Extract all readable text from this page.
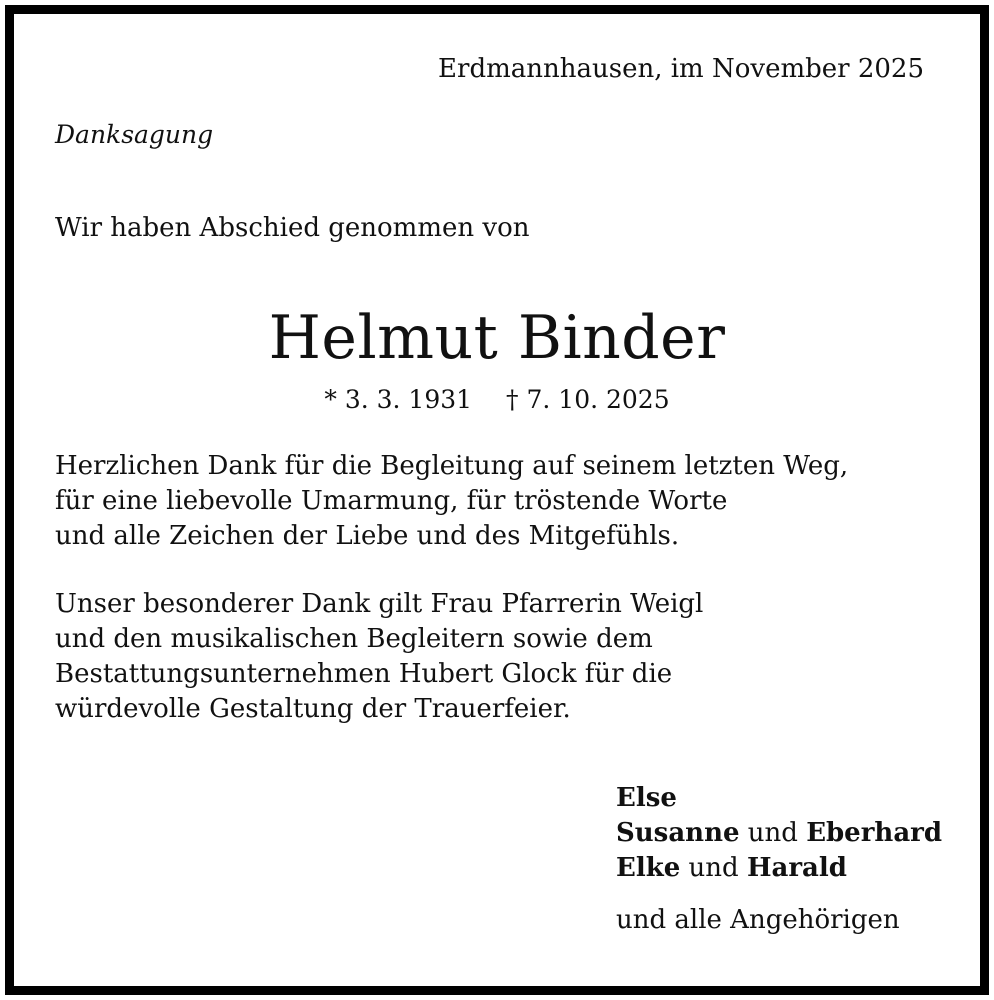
Erdmannhausen, im November 2025

Danksagung

Wir haben Abschied genommen von

Helmut Binder

* 3. 3. 1931 † 7. 10. 2025

Herzlichen Dank für die Begleitung auf seinem letzten Weg,
für eine liebevolle Umarmung, für tröstende Worte
und alle Zeichen der Liebe und des Mitgefühls.
Unser besonderer Dank gilt Frau Pfarrerin Weigl
und den musikalischen Begleitern sowie dem
Bestattungsunternehmen Hubert Glock für die
würdevolle Gestaltung der Trauerfeier.
Else
Susanne und Eberhard
Elke und Harald

und alle Angehörigen
